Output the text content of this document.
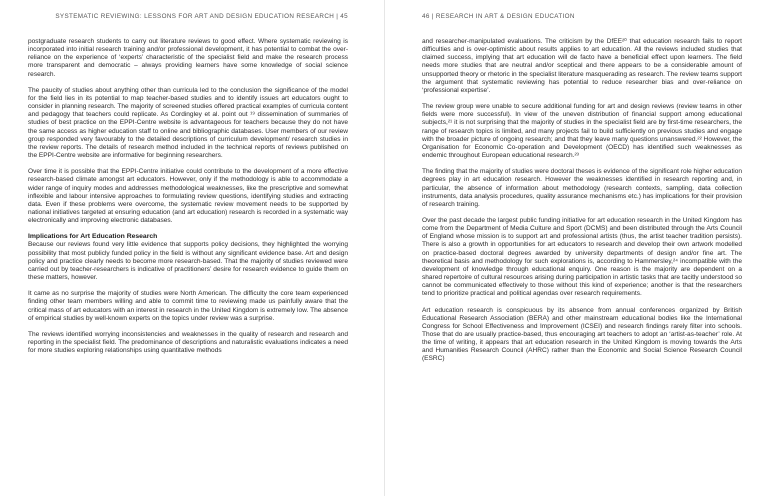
SYSTEMATIC REVIEWING: LESSONS FOR ART AND DESIGN EDUCATION RESEARCH | 45

postgraduate research students to carry out literature reviews to good effect. Where systematic reviewing is incorporated into initial research training and/or professional development, it has potential to combat the over-reliance on the experience of ‘experts’ characteristic of the specialist field and make the research process more transparent and democratic – always providing learners have some knowledge of social science research.

The paucity of studies about anything other than curricula led to the conclusion the significance of the model for the field lies in its potential to map teacher-based studies and to identify issues art educators ought to consider in planning research. The majority of screened studies offered practical examples of curricula content and pedagogy that teachers could replicate. As Cordingley et al. point out ¹⁹ dissemination of summaries of studies of best practice on the EPPI-Centre website is advantageous for teachers because they do not have the same access as higher education staff to online and bibliographic databases. User members of our review group responded very favourably to the detailed descriptions of curriculum development/ research studies in the review reports. The details of research method included in the technical reports of reviews published on the EPPI-Centre website are informative for beginning researchers.

Over time it is possible that the EPPI-Centre initiative could contribute to the development of a more effective research-based climate amongst art educators. However, only if the methodology is able to accommodate a wider range of inquiry modes and addresses methodological weaknesses, like the prescriptive and somewhat inflexible and labour intensive approaches to formulating review questions, identifying studies and extracting data. Even if these problems were overcome, the systematic review movement needs to be supported by national initiatives targeted at ensuring education (and art education) research is recorded in a systematic way electronically and improving electronic databases.

Implications for Art Education Research

Because our reviews found very little evidence that supports policy decisions, they highlighted the worrying possibility that most publicly funded policy in the field is without any significant evidence base. Art and design policy and practice clearly needs to become more research-based. That the majority of studies reviewed were carried out by teacher-researchers is indicative of practitioners’ desire for research evidence to guide them on these matters, however.

It came as no surprise the majority of studies were North American. The difficulty the core team experienced finding other team members willing and able to commit time to reviewing made us painfully aware that the critical mass of art educators with an interest in research in the United Kingdom is extremely low. The absence of empirical studies by well-known experts on the topics under review was a surprise.

The reviews identified worrying inconsistencies and weaknesses in the quality of research and research and reporting in the specialist field. The predominance of descriptions and naturalistic evaluations indicates a need for more studies exploring relationships using quantitative methods

46 | RESEARCH IN ART & DESIGN EDUCATION

and researcher-manipulated evaluations. The criticism by the DfEE²⁰ that education research fails to report difficulties and is over-optimistic about results applies to art education. All the reviews included studies that claimed success, implying that art education will de facto have a beneficial effect upon learners. The field needs more studies that are neutral and/or sceptical and there appears to be a considerable amount of unsupported theory or rhetoric in the specialist literature masquerading as research. The review teams support the argument that systematic reviewing has potential to reduce researcher bias and over-reliance on ‘professional expertise’.

The review group were unable to secure additional funding for art and design reviews (review teams in other fields were more successful). In view of the uneven distribution of financial support among educational subjects,²¹ it is not surprising that the majority of studies in the specialist field are by first-time researchers, the range of research topics is limited, and many projects fail to build sufficiently on previous studies and engage with the broader picture of ongoing research; and that they leave many questions unanswered.²² However, the Organisation for Economic Co-operation and Development (OECD) has identified such weaknesses as endemic throughout European educational research.²³

The finding that the majority of studies were doctoral theses is evidence of the significant role higher education degrees play in art education research. However the weaknesses identified in research reporting and, in particular, the absence of information about methodology (research contexts, sampling, data collection instruments, data analysis procedures, quality assurance mechanisms etc.) has implications for their provision of research training.

Over the past decade the largest public funding initiative for art education research in the United Kingdom has come from the Department of Media Culture and Sport (DCMS) and been distributed through the Arts Council of England whose mission is to support art and professional artists (thus, the artist teacher tradition persists). There is also a growth in opportunities for art educators to research and develop their own artwork modelled on practice-based doctoral degrees awarded by university departments of design and/or fine art. The theoretical basis and methodology for such explorations is, according to Hammersley,²⁴ incompatible with the development of knowledge through educational enquiry. One reason is the majority are dependent on a shared repertoire of cultural resources arising during participation in artistic tasks that are tacitly understood so cannot be communicated effectively to those without this kind of experience; another is that the researchers tend to prioritize practical and political agendas over research requirements.

Art education research is conspicuous by its absence from annual conferences organized by British Educational Research Association (BERA) and other mainstream educational bodies like the International Congress for School Effectiveness and Improvement (ICSEI) and research findings rarely filter into schools. Those that do are usually practice-based, thus encouraging art teachers to adopt an ‘artist-as-teacher’ role. At the time of writing, it appears that art education research in the United Kingdom is moving towards the Arts and Humanities Research Council (AHRC) rather than the Economic and Social Science Research Council (ESRC)
